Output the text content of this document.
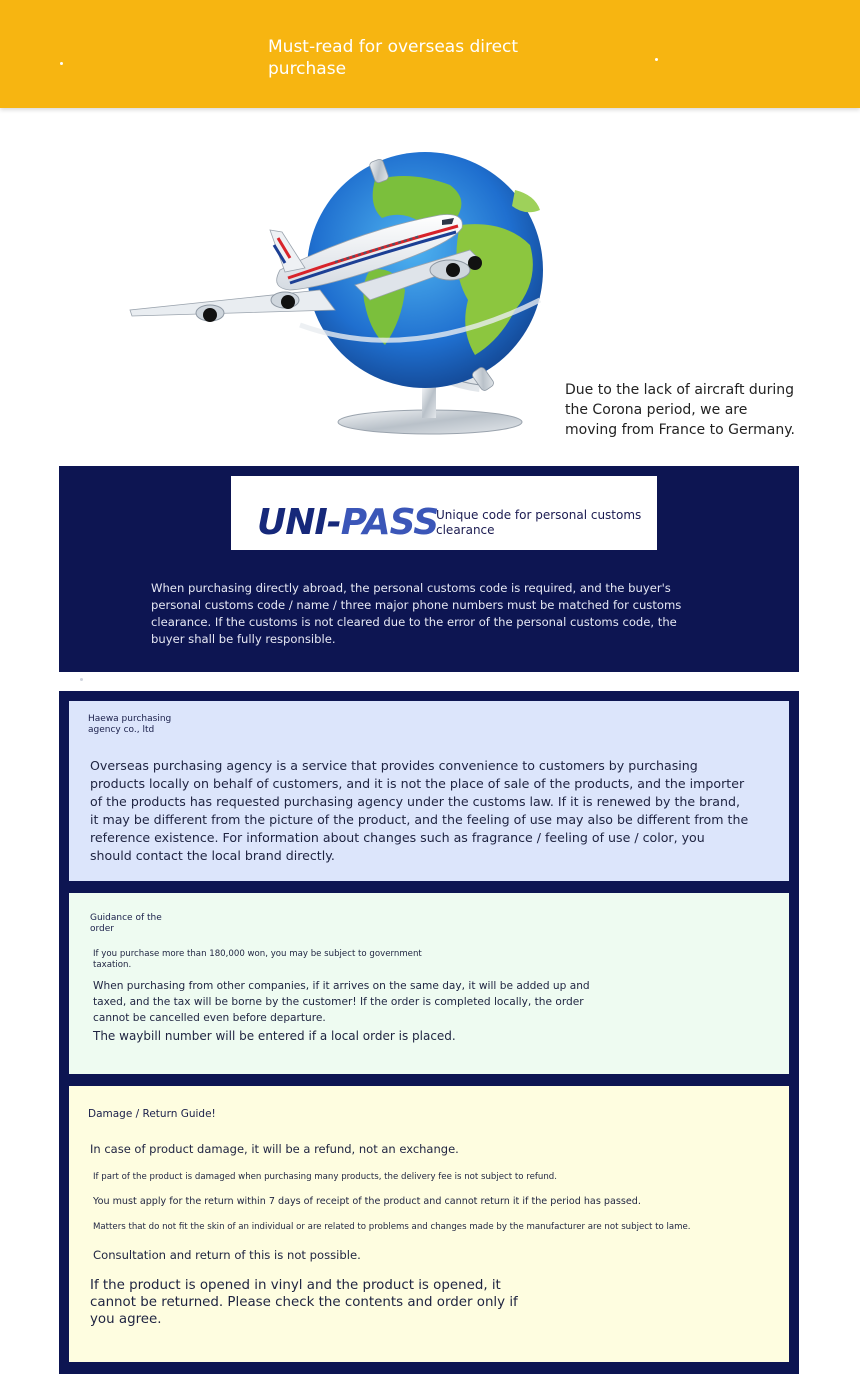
Must-read for overseas direct purchase
Due to the lack of aircraft during the Corona period, we are moving from France to Germany.
UNI-PASS
Unique code for personal customs clearance
When purchasing directly abroad, the personal customs code is required, and the buyer's personal customs code / name / three major phone numbers must be matched for customs clearance. If the customs is not cleared due to the error of the personal customs code, the buyer shall be fully responsible.
Haewa purchasing agency co., ltd
Overseas purchasing agency is a service that provides convenience to customers by purchasing products locally on behalf of customers, and it is not the place of sale of the products, and the importer of the products has requested purchasing agency under the customs law. If it is renewed by the brand, it may be different from the picture of the product, and the feeling of use may also be different from the reference existence. For information about changes such as fragrance / feeling of use / color, you should contact the local brand directly.
Guidance of the order
If you purchase more than 180,000 won, you may be subject to government taxation.
When purchasing from other companies, if it arrives on the same day, it will be added up and taxed, and the tax will be borne by the customer! If the order is completed locally, the order cannot be cancelled even before departure.
The waybill number will be entered if a local order is placed.
Damage / Return Guide!
In case of product damage, it will be a refund, not an exchange.
If part of the product is damaged when purchasing many products, the delivery fee is not subject to refund.
You must apply for the return within 7 days of receipt of the product and cannot return it if the period has passed.
Matters that do not fit the skin of an individual or are related to problems and changes made by the manufacturer are not subject to lame.
Consultation and return of this is not possible.
If the product is opened in vinyl and the product is opened, it cannot be returned. Please check the contents and order only if you agree.
